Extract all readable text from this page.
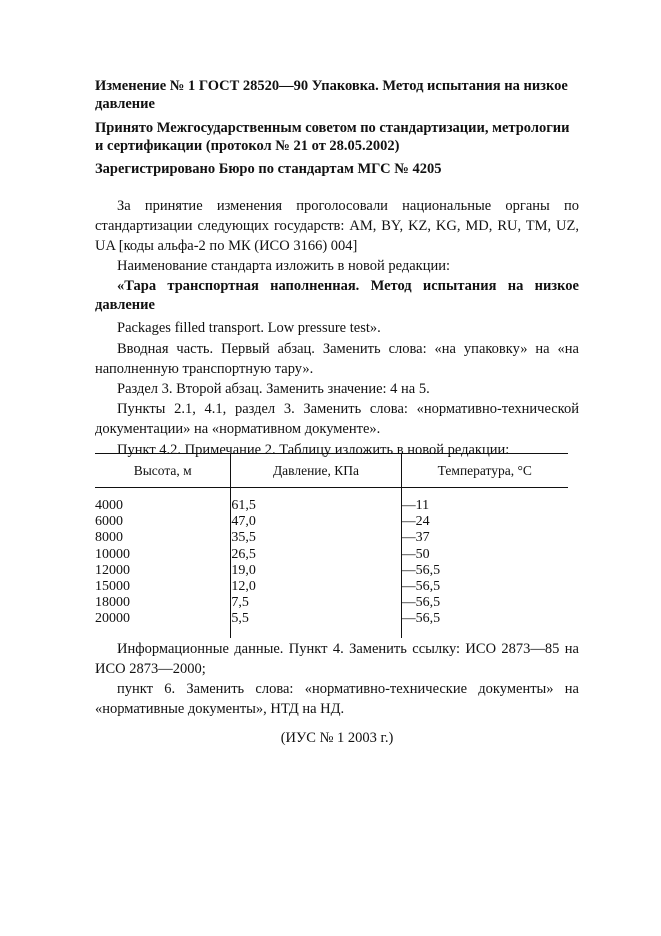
Изменение № 1 ГОСТ 28520—90 Упаковка. Метод испытания на низкое давление
Принято Межгосударственным советом по стандартизации, метрологии и сертификации (протокол № 21 от 28.05.2002)
Зарегистрировано Бюро по стандартам МГС № 4205
За принятие изменения проголосовали национальные органы по стандартизации следующих государств: AM, BY, KZ, KG, MD, RU, TM, UZ, UA [коды альфа-2 по МК (ИСО 3166) 004]
Наименование стандарта изложить в новой редакции:
«Тара транспортная наполненная. Метод испытания на низкое давление
Packages filled transport. Low pressure test».
Вводная часть. Первый абзац. Заменить слова: «на упаковку» на «на наполненную транспортную тару».
Раздел 3. Второй абзац. Заменить значение: 4 на 5.
Пункты 2.1, 4.1, раздел 3. Заменить слова: «нормативно-технической документации» на «нормативном документе».
Пункт 4.2. Примечание 2. Таблицу изложить в новой редакции:
Высота, м	Давление, КПа	Температура, °С

4000	61,5	—11
6000	47,0	—24
8000	35,5	—37
10000	26,5	—50
12000	19,0	—56,5
15000	12,0	—56,5
18000	7,5	—56,5
20000	5,5	—56,5

Информационные данные. Пункт 4. Заменить ссылку: ИСО 2873—85 на ИСО 2873—2000;
пункт 6. Заменить слова: «нормативно-технические документы» на «нормативные документы», НТД на НД.
(ИУС № 1 2003 г.)
